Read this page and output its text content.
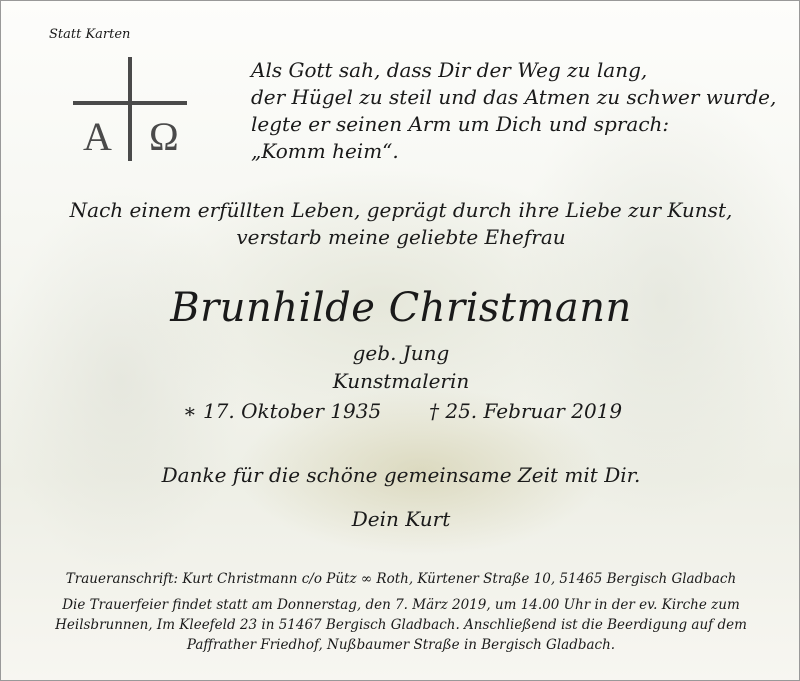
Statt Karten
A Ω
Als Gott sah, dass Dir der Weg zu lang,
der Hügel zu steil und das Atmen zu schwer wurde,
legte er seinen Arm um Dich und sprach:
„Komm heim“.
Nach einem erfüllten Leben, geprägt durch ihre Liebe zur Kunst,
verstarb meine geliebte Ehefrau
Brunhilde Christmann
geb. Jung
Kunstmalerin
∗ 17. Oktober 1935 † 25. Februar 2019
Danke für die schöne gemeinsame Zeit mit Dir.
Dein Kurt
Traueranschrift: Kurt Christmann c/o Pütz ∞ Roth, Kürtener Straße 10, 51465 Bergisch Gladbach
Die Trauerfeier findet statt am Donnerstag, den 7. März 2019, um 14.00 Uhr in der ev. Kirche zum
Heilsbrunnen, Im Kleefeld 23 in 51467 Bergisch Gladbach. Anschließend ist die Beerdigung auf dem
Paffrather Friedhof, Nußbaumer Straße in Bergisch Gladbach.
